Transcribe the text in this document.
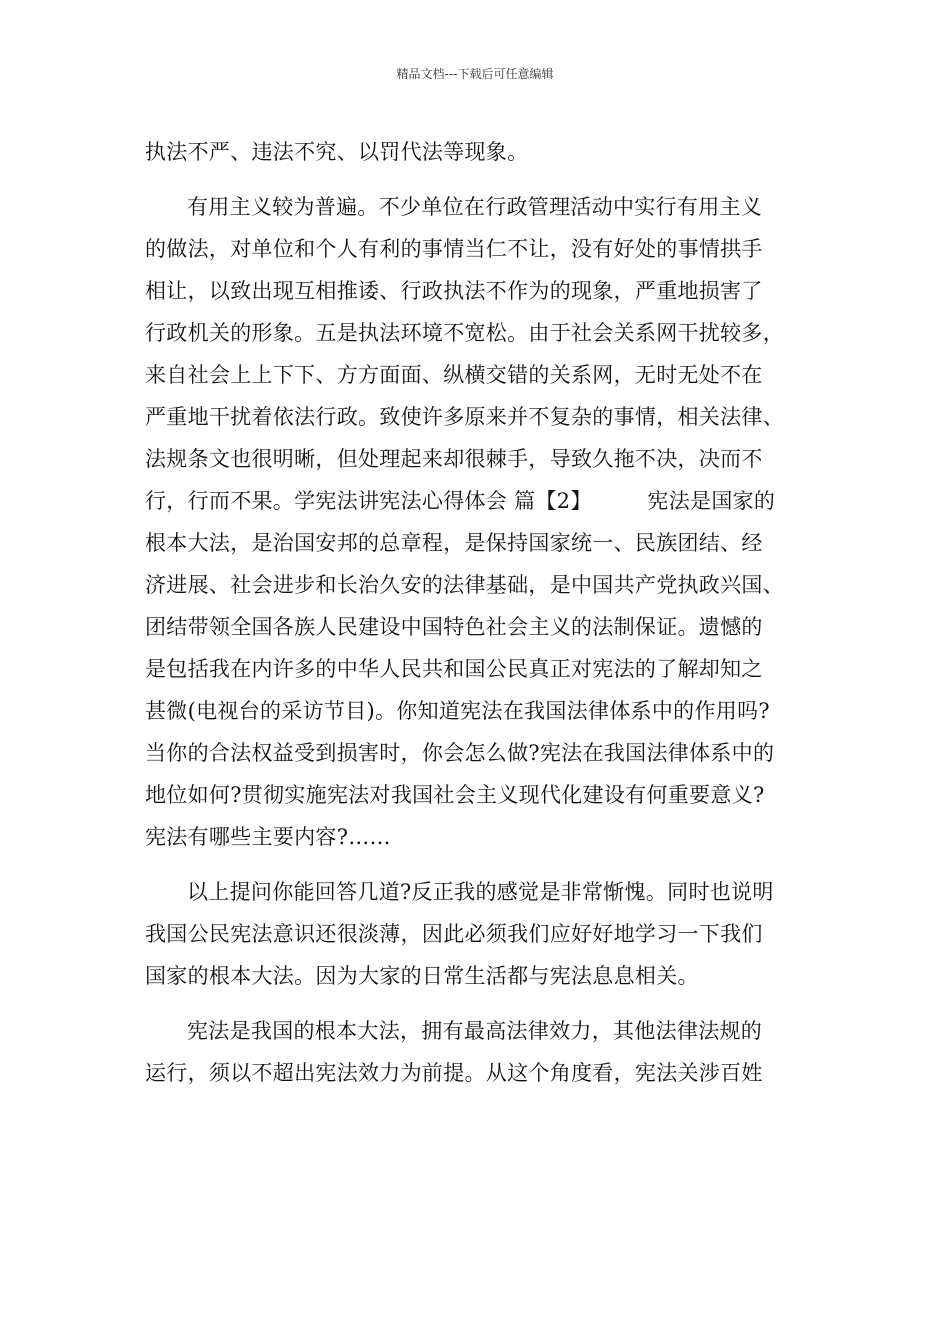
精品文档---下载后可任意编辑
执法不严、违法不究、以罚代法等现象。
有用主义较为普遍。不少单位在行政管理活动中实行有用主义
的做法，对单位和个人有利的事情当仁不让，没有好处的事情拱手
相让，以致出现互相推诿、行政执法不作为的现象，严重地损害了
行政机关的形象。五是执法环境不宽松。由于社会关系网干扰较多，
来自社会上上下下、方方面面、纵横交错的关系网，无时无处不在
严重地干扰着依法行政。致使许多原来并不复杂的事情，相关法律、
法规条文也很明晰，但处理起来却很棘手，导致久拖不决，决而不
行，行而不果。学宪法讲宪法心得体会 篇【2】        宪法是国家的
根本大法，是治国安邦的总章程，是保持国家统一、民族团结、经
济进展、社会进步和长治久安的法律基础，是中国共产党执政兴国、
团结带领全国各族人民建设中国特色社会主义的法制保证。遗憾的
是包括我在内许多的中华人民共和国公民真正对宪法的了解却知之
甚微(电视台的采访节目)。你知道宪法在我国法律体系中的作用吗?
当你的合法权益受到损害时，你会怎么做?宪法在我国法律体系中的
地位如何?贯彻实施宪法对我国社会主义现代化建设有何重要意义?
宪法有哪些主要内容?……
以上提问你能回答几道?反正我的感觉是非常惭愧。同时也说明
我国公民宪法意识还很淡薄，因此必须我们应好好地学习一下我们
国家的根本大法。因为大家的日常生活都与宪法息息相关。
宪法是我国的根本大法，拥有最高法律效力，其他法律法规的
运行，须以不超出宪法效力为前提。从这个角度看，宪法关涉百姓
